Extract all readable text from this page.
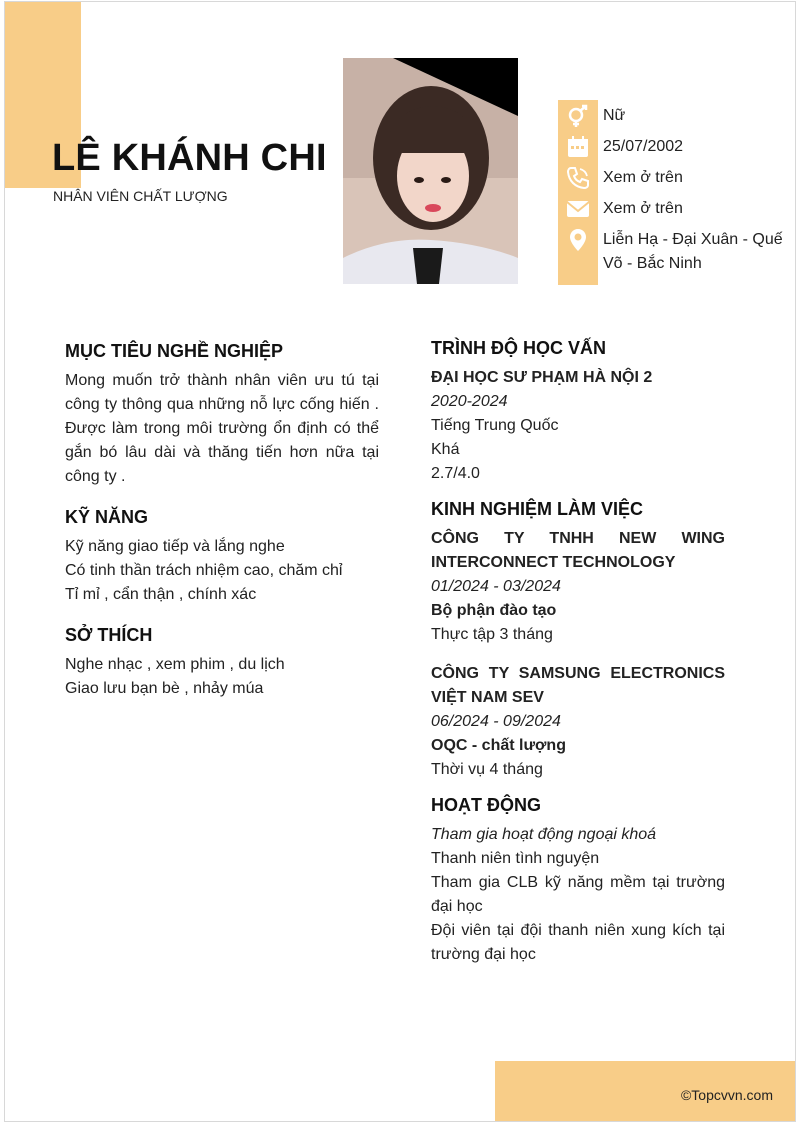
LÊ KHÁNH CHI
NHÂN VIÊN CHẤT LƯỢNG
Nữ
25/07/2002
Xem ở trên
Xem ở trên
Liễn Hạ - Đại Xuân - Quế
Võ - Bắc Ninh
MỤC TIÊU NGHỀ NGHIỆP
Mong muốn trở thành nhân viên ưu tú tại
công ty thông qua những nỗ lực cống hiến .
Được làm trong môi trường ổn định có thể
gắn bó lâu dài và thăng tiến hơn nữa tại
công ty .
KỸ NĂNG
Kỹ năng giao tiếp và lắng nghe
Có tinh thần trách nhiệm cao, chăm chỉ
Tỉ mỉ , cẩn thận , chính xác
SỞ THÍCH
Nghe nhạc , xem phim , du lịch
Giao lưu bạn bè , nhảy múa
TRÌNH ĐỘ HỌC VẤN
ĐẠI HỌC SƯ PHẠM HÀ NỘI 2
2020-2024
Tiếng Trung Quốc
Khá
2.7/4.0
KINH NGHIỆM LÀM VIỆC
CÔNG TY TNHH NEW WING
INTERCONNECT TECHNOLOGY
01/2024 - 03/2024
Bộ phận đào tạo
Thực tập 3 tháng
CÔNG TY SAMSUNG ELECTRONICS
VIỆT NAM SEV
06/2024 - 09/2024
OQC - chất lượng
Thời vụ 4 tháng
HOẠT ĐỘNG
Tham gia hoạt động ngoại khoá
Thanh niên tình nguyện
Tham gia CLB kỹ năng mềm tại trường
đại học
Đội viên tại đội thanh niên xung kích tại
trường đại học
©Topcvvn.com
